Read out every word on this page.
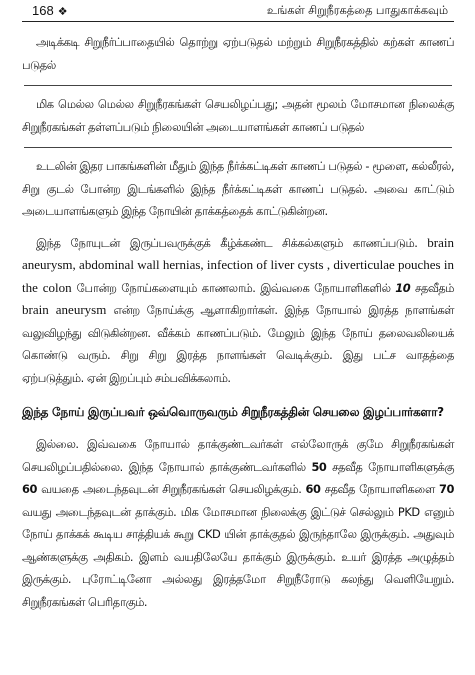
168 ❖	உங்கள் சிறுநீரகத்தை பாதுகாக்கவும்

அடிக்கடி சிறுநீர்ப்பாதையில் தொற்று ஏற்படுதல் மற்றும் சிறுநீரகத்தில் கற்கள் காணப் படுதல்

மிக மெல்ல மெல்ல சிறுநீரகங்கள் செயலிழப்பது; அதன் மூலம் மோசமான நிலைக்கு சிறுநீரகங்கள் தள்ளப்படும் நிலையின் அடையாளங்கள் காணப் படுதல்

உடலின் இதர பாகங்களின் மீதும் இந்த நீர்க்கட்டிகள் காணப் படுதல் - மூளை, கல்லீரல், சிறு குடல் போன்ற இடங்களில் இந்த நீர்க்கட்டிகள் காணப் படுதல். அவை காட்டும் அடையாளங்களும் இந்த நோயின் தாக்கத்தைக் காட்டுகின்றன.

இந்த நோயுடன் இருப்பவருக்குக் கீழ்க்கண்ட சிக்கல்களும் காணப்படும். brain aneurysm, abdominal wall hernias, infection of liver cysts , diverticulae pouches in the colon போன்ற நோய்களையும் காணலாம். இவ்வகை நோயாளிகளில் 10 சதவீதம் brain aneurysm என்ற நோய்க்கு ஆளாகிறார்கள். இந்த நோயால் இரத்த நாளங்கள் வலுவிழந்து விடுகின்றன. வீக்கம் காணப்படும். மேலும் இந்த நோய் தலைவலியைக் கொண்டு வரும். சிறு சிறு இரத்த நாளங்கள் வெடிக்கும். இது பட்ச வாதத்தை ஏற்படுத்தும். ஏன் இறப்பும் சம்பவிக்கலாம்.

இந்த நோய் இருப்பவர் ஒவ்வொருவரும் சிறுநீரகத்தின் செயலை இழப்பார்களா?

இல்லை. இவ்வகை நோயால் தாக்குண்டவர்கள் எல்லோருக் குமே சிறுநீரகங்கள் செயலிழப்பதில்லை. இந்த நோயால் தாக்குண்டவர்களில் 50 சதவீத நோயாளிகளுக்கு 60 வயதை அடைந்தவுடன் சிறுநீரகங்கள் செயலிழக்கும். 60 சதவீத நோயாளிகளை 70 வயது அடைந்தவுடன் தாக்கும். மிக மோசமான நிலைக்கு இட்டுச் செல்லும் PKD எனும் நோய் தாக்கக் கூடிய சாத்தியக் கூறு CKD யின் தாக்குதல் இருந்தாலே இருக்கும். அதுவும் ஆண்களுக்கு அதிகம். இளம் வயதிலேயே தாக்கும் இருக்கும். உயர் இரத்த அழுத்தம் இருக்கும். புரோட்டினோ அல்லது இரத்தமோ சிறுநீரோடு கலந்து வெளியேறும். சிறுநீரகங்கள் பெரிதாகும்.
